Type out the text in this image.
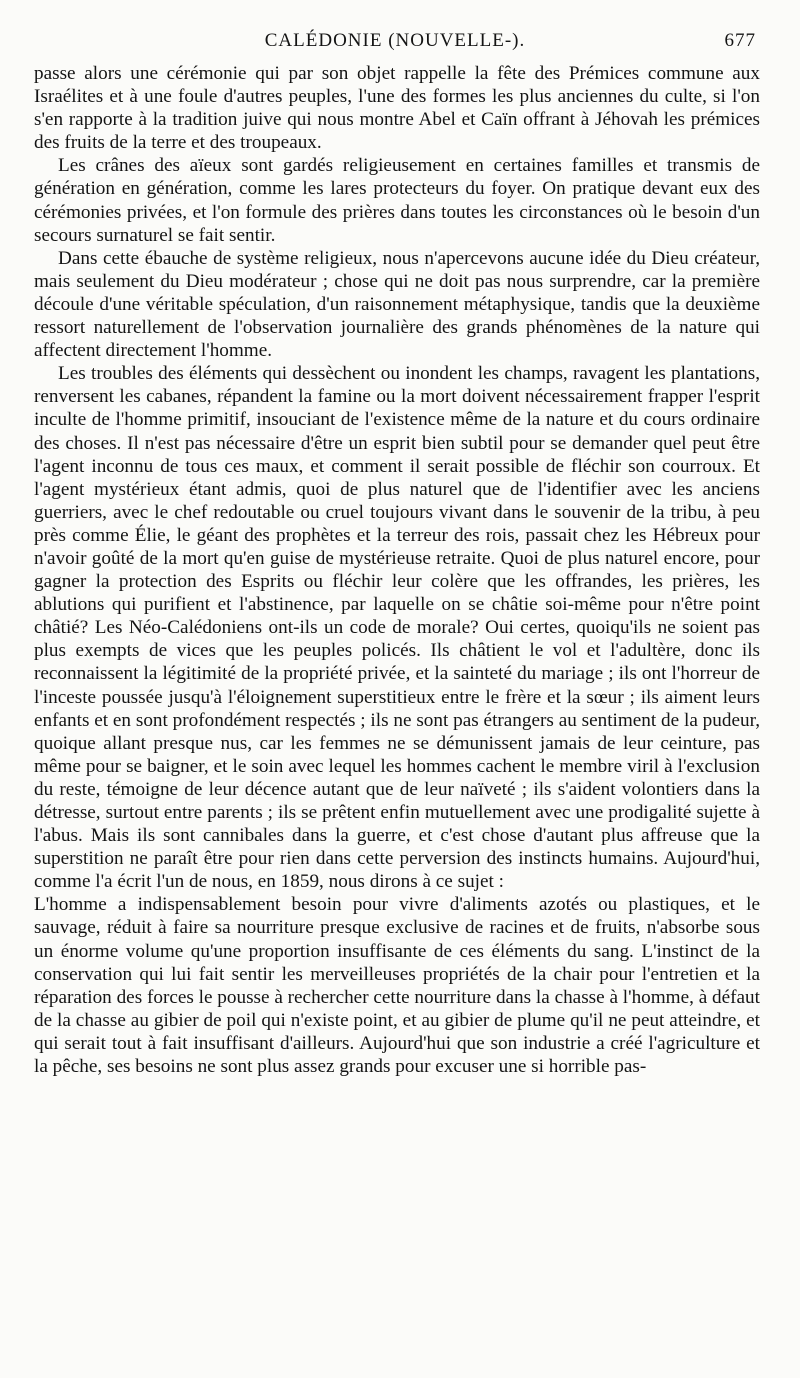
CALÉDONIE (NOUVELLE-).	677

passe alors une cérémonie qui par son objet rappelle la fête des Prémices commune aux Israélites et à une foule d'autres peuples, l'une des formes les plus anciennes du culte, si l'on s'en rapporte à la tradition juive qui nous montre Abel et Caïn offrant à Jéhovah les prémices des fruits de la terre et des troupeaux.

Les crânes des aïeux sont gardés religieusement en certaines familles et transmis de génération en génération, comme les lares protecteurs du foyer. On pratique devant eux des cérémonies privées, et l'on formule des prières dans toutes les circonstances où le besoin d'un secours surnaturel se fait sentir.

Dans cette ébauche de système religieux, nous n'apercevons aucune idée du Dieu créateur, mais seulement du Dieu modérateur ; chose qui ne doit pas nous surprendre, car la première découle d'une véritable spéculation, d'un raisonnement métaphysique, tandis que la deuxième ressort naturellement de l'observation journalière des grands phénomènes de la nature qui affectent directement l'homme.

Les troubles des éléments qui dessèchent ou inondent les champs, ravagent les plantations, renversent les cabanes, répandent la famine ou la mort doivent nécessairement frapper l'esprit inculte de l'homme primitif, insouciant de l'existence même de la nature et du cours ordinaire des choses. Il n'est pas nécessaire d'être un esprit bien subtil pour se demander quel peut être l'agent inconnu de tous ces maux, et comment il serait possible de fléchir son courroux. Et l'agent mystérieux étant admis, quoi de plus naturel que de l'identifier avec les anciens guerriers, avec le chef redoutable ou cruel toujours vivant dans le souvenir de la tribu, à peu près comme Élie, le géant des prophètes et la terreur des rois, passait chez les Hébreux pour n'avoir goûté de la mort qu'en guise de mystérieuse retraite. Quoi de plus naturel encore, pour gagner la protection des Esprits ou fléchir leur colère que les offrandes, les prières, les ablutions qui purifient et l'abstinence, par laquelle on se châtie soi-même pour n'être point châtié? Les Néo-Calédoniens ont-ils un code de morale? Oui certes, quoiqu'ils ne soient pas plus exempts de vices que les peuples policés. Ils châtient le vol et l'adultère, donc ils reconnaissent la légitimité de la propriété privée, et la sainteté du mariage ; ils ont l'horreur de l'inceste poussée jusqu'à l'éloignement superstitieux entre le frère et la sœur ; ils aiment leurs enfants et en sont profondément respectés ; ils ne sont pas étrangers au sentiment de la pudeur, quoique allant presque nus, car les femmes ne se démunissent jamais de leur ceinture, pas même pour se baigner, et le soin avec lequel les hommes cachent le membre viril à l'exclusion du reste, témoigne de leur décence autant que de leur naïveté ; ils s'aident volontiers dans la détresse, surtout entre parents ; ils se prêtent enfin mutuellement avec une prodigalité sujette à l'abus. Mais ils sont cannibales dans la guerre, et c'est chose d'autant plus affreuse que la superstition ne paraît être pour rien dans cette perversion des instincts humains. Aujourd'hui, comme l'a écrit l'un de nous, en 1859, nous dirons à ce sujet :

L'homme a indispensablement besoin pour vivre d'aliments azotés ou plastiques, et le sauvage, réduit à faire sa nourriture presque exclusive de racines et de fruits, n'absorbe sous un énorme volume qu'une proportion insuffisante de ces éléments du sang. L'instinct de la conservation qui lui fait sentir les merveilleuses propriétés de la chair pour l'entretien et la réparation des forces le pousse à rechercher cette nourriture dans la chasse à l'homme, à défaut de la chasse au gibier de poil qui n'existe point, et au gibier de plume qu'il ne peut atteindre, et qui serait tout à fait insuffisant d'ailleurs. Aujourd'hui que son industrie a créé l'agriculture et la pêche, ses besoins ne sont plus assez grands pour excuser une si horrible pas-
